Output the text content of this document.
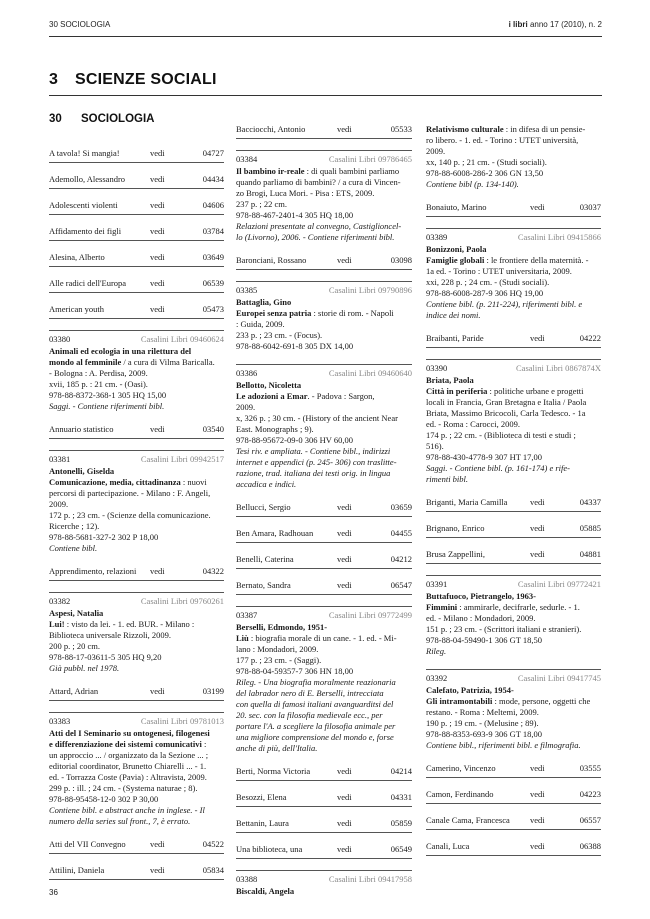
30 SOCIOLOGIA	i libri anno 17 (2010), n. 2
3 SCIENZE SOCIALI
30 SOCIOLOGIA
A tavola! Si mangia!	vedi	04727
Ademollo, Alessandro	vedi	04434
Adolescenti violenti	vedi	04606
Affidamento dei figli	vedi	03784
Alesina, Alberto	vedi	03649
Alle radici dell'Europa	vedi	06539
American youth	vedi	05473
03380	Casalini Libri 09460624
Animali ed ecologia in una rilettura del
mondo al femminile / a cura di Vilma Baricalla.
- Bologna : A. Perdisa, 2009.
xvii, 185 p. : 21 cm. - (Oasi).
978-88-8372-368-1 305 HQ 15,00
Saggi. - Contiene riferimenti bibl.
Annuario statistico	vedi	03540
03381	Casalini Libri 09942517
Antonelli, Giselda
Comunicazione, media, cittadinanza : nuovi
percorsi di partecipazione. - Milano : F. Angeli,
2009.
172 p. ; 23 cm. - (Scienze della comunicazione.
Ricerche ; 12).
978-88-5681-327-2 302 P 18,00
Contiene bibl.
Apprendimento, relazioni vedi	04322
03382	Casalini Libri 09760261
Aspesi, Natalia
Lui! : visto da lei. - 1. ed. BUR. - Milano :
Biblioteca universale Rizzoli, 2009.
200 p. ; 20 cm.
978-88-17-03611-5 305 HQ 9,20
Già pubbl. nel 1978.
Attard, Adrian	vedi	03199
03383	Casalini Libri 09781013
Atti del I Seminario su ontogenesi, filogenesi
e differenziazione dei sistemi comunicativi :
un approccio ... / organizzato da la Sezione ... ;
editorial coordinator, Brunetto Chiarelli ... - 1.
ed. - Torrazza Coste (Pavia) : Altravista, 2009.
299 p. : ill. ; 24 cm. - (Systema naturae ; 8).
978-88-95458-12-0 302 P 30,00
Contiene bibl. e abstract anche in inglese. - Il
numero della series sul front., 7, è errato.
Atti del VII Convegno	vedi	04522
Attilini, Daniela	vedi	05834
Bacciocchi, Antonio	vedi	05533
03384	Casalini Libri 09786465
Il bambino ir-reale : di quali bambini parliamo
quando parliamo di bambini? / a cura di Vincen-
zo Brogi, Luca Mori. - Pisa : ETS, 2009.
237 p. ; 22 cm.
978-88-467-2401-4 305 HQ 18,00
Relazioni presentate al convegno, Castiglioncel-
lo (Livorno), 2006. - Contiene riferimenti bibl.
Baronciani, Rossano	vedi	03098
03385	Casalini Libri 09790896
Battaglia, Gino
Europei senza patria : storie di rom. - Napoli
: Guida, 2009.
233 p. ; 23 cm. - (Focus).
978-88-6042-691-8 305 DX 14,00
03386	Casalini Libri 09460640
Bellotto, Nicoletta
Le adozioni a Emar. - Padova : Sargon,
2009.
x, 326 p. ; 30 cm. - (History of the ancient Near
East. Monographs ; 9).
978-88-95672-09-0 306 HV 60,00
Tesi riv. e ampliata. - Contiene bibl., indirizzi
internet e appendici (p. 245- 306) con traslitte-
razione, trad. italiana dei testi orig. in lingua
accadica e indici.
Bellucci, Sergio	vedi	03659
Ben Amara, Radhouan	vedi	04455
Benelli, Caterina	vedi	04212
Bernato, Sandra	vedi	06547
03387	Casalini Libri 09772499
Berselli, Edmondo, 1951-
Liù : biografia morale di un cane. - 1. ed. - Mi-
lano : Mondadori, 2009.
177 p. ; 23 cm. - (Saggi).
978-88-04-59357-7 306 HN 18,00
Rileg. - Una biografia moralmente reazionaria
del labrador nero di E. Berselli, intrecciata
con quella di famosi italiani avanguarditsi del
20. sec. con la filosofia medievale ecc., per
portare l'A. a scegliere la filosofia animale per
una migliore comprensione del mondo e, forse
anche di più, dell'Italia.
Berti, Norma Victoria	vedi	04214
Besozzi, Elena	vedi	04331
Bettanin, Laura	vedi	05859
Una biblioteca, una	vedi	06549
03388	Casalini Libri 09417958
Biscaldi, Angela
Relativismo culturale : in difesa di un pensie-
ro libero. - 1. ed. - Torino : UTET università,
2009.
xx, 140 p. ; 21 cm. - (Studi sociali).
978-88-6008-286-2 306 GN 13,50
Contiene bibl (p. 134-140).
Bonaiuto, Marino	vedi	03037
03389	Casalini Libri 09415866
Bonizzoni, Paola
Famiglie globali : le frontiere della maternità. -
1a ed. - Torino : UTET universitaria, 2009.
xxi, 228 p. ; 24 cm. - (Studi sociali).
978-88-6008-287-9 306 HQ 19,00
Contiene bibl. (p. 211-224), riferimenti bibl. e
indice dei nomi.
Braibanti, Paride	vedi	04222
03390	Casalini Libri 0867874X
Briata, Paola
Città in periferia : politiche urbane e progetti
locali in Francia, Gran Bretagna e Italia / Paola
Briata, Massimo Bricocoli, Carla Tedesco. - 1a
ed. - Roma : Carocci, 2009.
174 p. ; 22 cm. - (Biblioteca di testi e studi ;
516).
978-88-430-4778-9 307 HT 17,00
Saggi. - Contiene bibl. (p. 161-174) e rife-
rimenti bibl.
Briganti, Maria Camilla	vedi	04337
Brignano, Enrico	vedi	05885
Brusa Zappellini,	vedi	04881
03391	Casalini Libri 09772421
Buttafuoco, Pietrangelo, 1963-
Fimmini : ammirarle, decifrarle, sedurle. - 1.
ed. - Milano : Mondadori, 2009.
151 p. ; 23 cm. - (Scrittori italiani e stranieri).
978-88-04-59490-1 306 GT 18,50
Rileg.
03392	Casalini Libri 09417745
Calefato, Patrizia, 1954-
Gli intramontabili : mode, persone, oggetti che
restano. - Roma : Meltemi, 2009.
190 p. ; 19 cm. - (Melusine ; 89).
978-88-8353-693-9 306 GT 18,00
Contiene bibl., riferimenti bibl. e filmografia.
Camerino, Vincenzo	vedi	03555
Camon, Ferdinando	vedi	04223
Canale Cama, Francesca vedi	06557
Canali, Luca	vedi	06388
36
